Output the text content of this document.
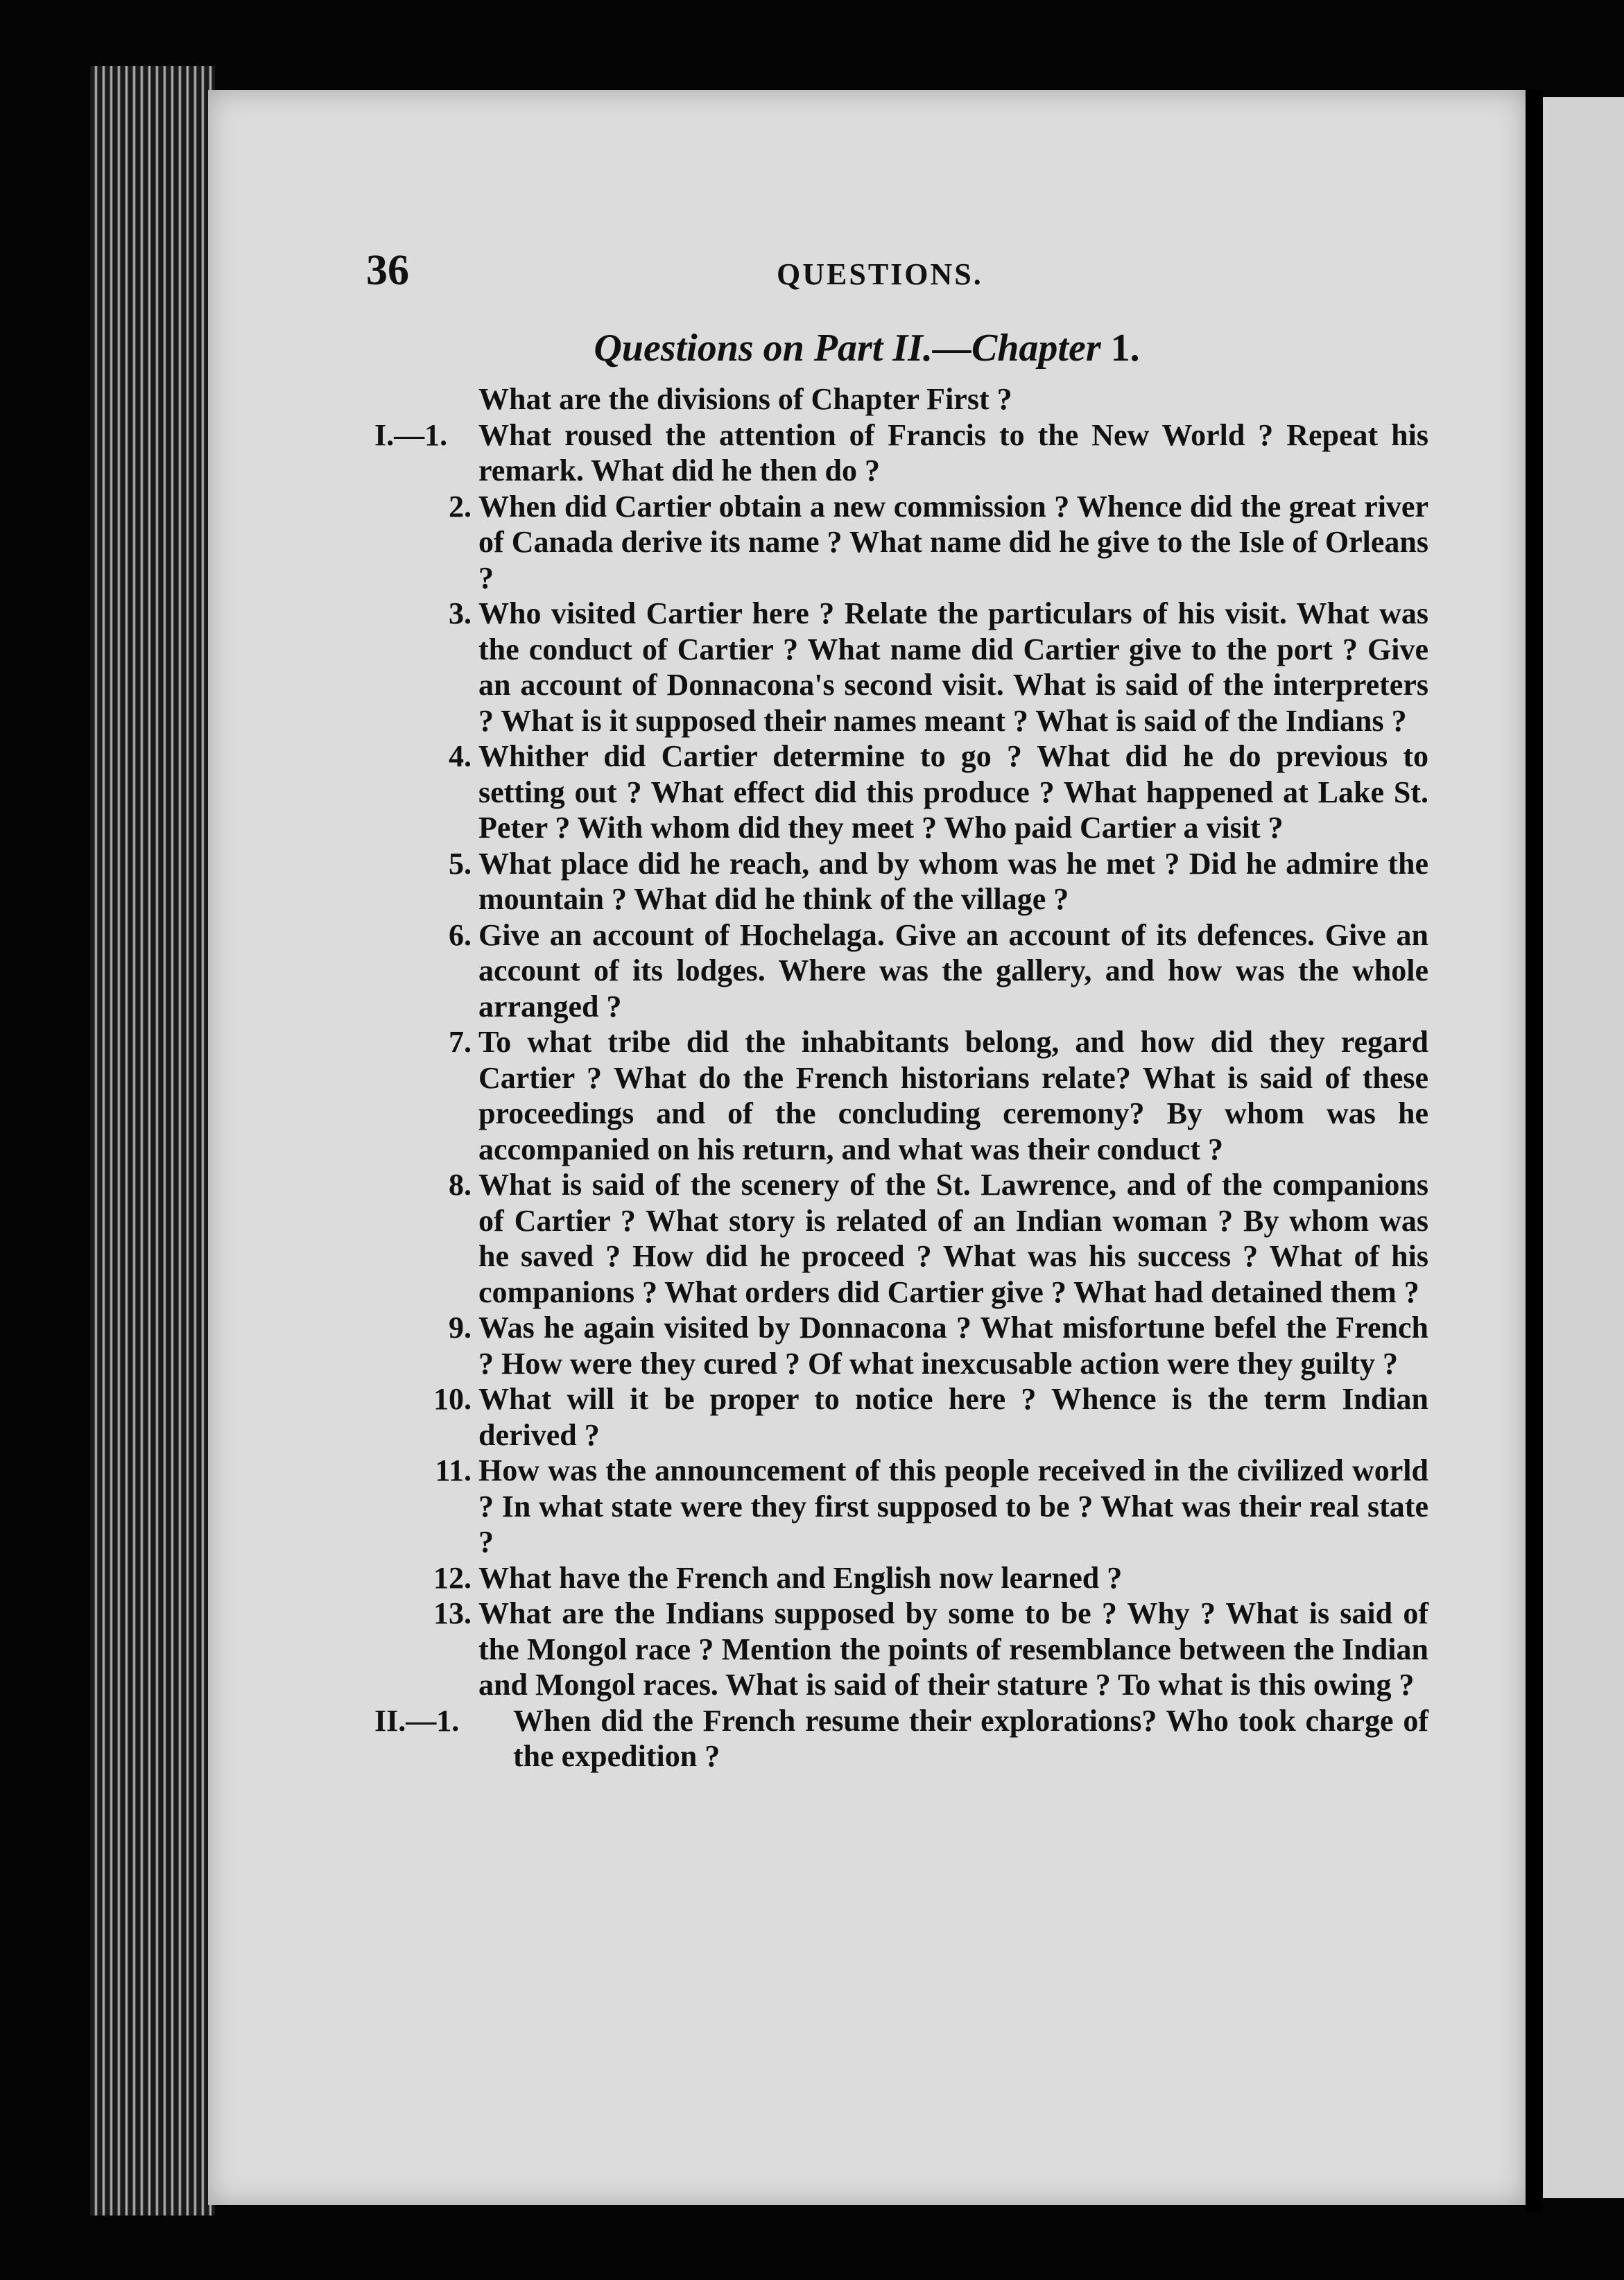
36	QUESTIONS.
Questions on Part II.—Chapter 1.
What are the divisions of Chapter First ?
I.—1.	What roused the attention of Francis to the New World ? Repeat his remark. What did he then do ?
2. When did Cartier obtain a new commission ? Whence did the great river of Canada derive its name ? What name did he give to the Isle of Orleans ?
3. Who visited Cartier here ? Relate the particulars of his visit. What was the conduct of Cartier ? What name did Cartier give to the port ? Give an account of Donnacona's second visit. What is said of the interpreters ? What is it supposed their names meant ? What is said of the Indians ?
4. Whither did Cartier determine to go ? What did he do previous to setting out ? What effect did this produce ? What happened at Lake St. Peter ? With whom did they meet ? Who paid Cartier a visit ?
5. What place did he reach, and by whom was he met ? Did he admire the mountain ? What did he think of the village ?
6. Give an account of Hochelaga. Give an account of its defences. Give an account of its lodges. Where was the gallery, and how was the whole arranged ?
7. To what tribe did the inhabitants belong, and how did they regard Cartier ? What do the French historians relate? What is said of these proceedings and of the concluding ceremony? By whom was he accompanied on his return, and what was their conduct ?
8. What is said of the scenery of the St. Lawrence, and of the companions of Cartier ? What story is related of an Indian woman ? By whom was he saved ? How did he proceed ? What was his success ? What of his companions ? What orders did Cartier give ? What had detained them ?
9. Was he again visited by Donnacona ? What misfortune befel the French ? How were they cured ? Of what inexcusable action were they guilty ?
10. What will it be proper to notice here ? Whence is the term Indian derived ?
11. How was the announcement of this people received in the civilized world ? In what state were they first supposed to be ? What was their real state ?
12. What have the French and English now learned ?
13. What are the Indians supposed by some to be ? Why ? What is said of the Mongol race ? Mention the points of resemblance between the Indian and Mongol races. What is said of their stature ? To what is this owing ?
II.—1.	When did the French resume their explorations? Who took charge of the expedition ?
